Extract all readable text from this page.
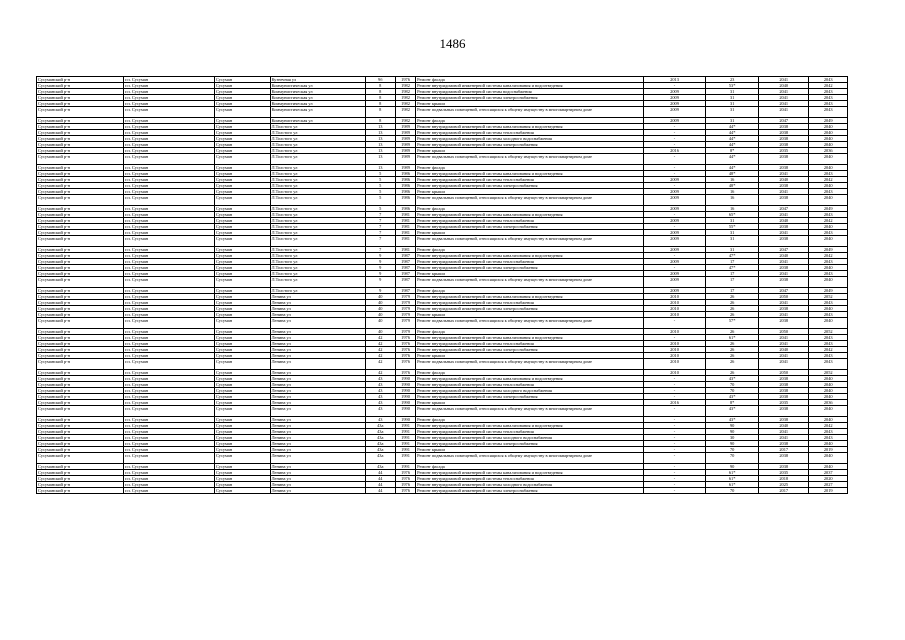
1486
Сусуманский р-н	г.п. Сусуман	Сусуман	Кузнечная ул	9б	1976	Ремонт фасада	2013	23	2041	2043
Сусуманский р-н	г.п. Сусуман	Сусуман	Коммунистическая ул	8	1982	Ремонт внутридомовой инженерной системы канализования и водоотведения	-	53*	2040	2042
Сусуманский р-н	г.п. Сусуман	Сусуман	Коммунистическая ул	8	1982	Ремонт внутридомовой инженерной системы водоснабжения	2009	31	2041	2043
Сусуманский р-н	г.п. Сусуман	Сусуман	Коммунистическая ул	8	1982	Ремонт внутридомовой инженерной системы электроснабжения	2009	31	2041	2043
Сусуманский р-н	г.п. Сусуман	Сусуман	Коммунистическая ул	8	1982	Ремонт крыши	2009	31	2041	2043
Сусуманский р-н	г.п. Сусуман	Сусуман	Коммунистическая ул	8	1982	Ремонт подвальных помещений, относящихся к общему имуществу в многоквартирном доме	2009	31	2041	2043
Сусуманский р-н	г.п. Сусуман	Сусуман	Коммунистическая ул	8	1982	Ремонт фасада	2009	31	2047	2049
Сусуманский р-н	г.п. Сусуман	Сусуман	Л.Толстого ул	13	1989	Ремонт внутридомовой инженерной системы канализования и водоотведения	-	44*	2038	2040
Сусуманский р-н	г.п. Сусуман	Сусуман	Л.Толстого ул	13	1989	Ремонт внутридомовой инженерной системы теплоснабжения	-	44*	2038	2040
Сусуманский р-н	г.п. Сусуман	Сусуман	Л.Толстого ул	13	1989	Ремонт внутридомовой инженерной системы холодного водоснабжения	-	44*	2038	2040
Сусуманский р-н	г.п. Сусуман	Сусуман	Л.Толстого ул	13	1989	Ремонт внутридомовой инженерной системы электроснабжения	-	44*	2038	2040
Сусуманский р-н	г.п. Сусуман	Сусуман	Л.Толстого ул	13	1989	Ремонт крыши	2016	8*	2035	2036
Сусуманский р-н	г.п. Сусуман	Сусуман	Л.Толстого ул	13	1989	Ремонт подвальных помещений, относящихся к общему имуществу в многоквартирном доме	-	44*	2038	2040
Сусуманский р-н	г.п. Сусуман	Сусуман	Л.Толстого ул	13	1989	Ремонт фасада	-	44*	2038	2040
Сусуманский р-н	г.п. Сусуман	Сусуман	Л.Толстого ул	5	1986	Ремонт внутридомовой инженерной системы канализования и водоотведения	-	48*	2041	2043
Сусуманский р-н	г.п. Сусуман	Сусуман	Л.Толстого ул	5	1986	Ремонт внутридомовой инженерной системы теплоснабжения	2009	16	2040	2042
Сусуманский р-н	г.п. Сусуман	Сусуман	Л.Толстого ул	5	1986	Ремонт внутридомовой инженерной системы электроснабжения	-	48*	2038	2040
Сусуманский р-н	г.п. Сусуман	Сусуман	Л.Толстого ул	5	1986	Ремонт крыши	2009	16	2041	2043
Сусуманский р-н	г.п. Сусуман	Сусуман	Л.Толстого ул	5	1986	Ремонт подвальных помещений, относящихся к общему имуществу в многоквартирном доме	2009	16	2038	2040
Сусуманский р-н	г.п. Сусуман	Сусуман	Л.Толстого ул	5	1986	Ремонт фасада	2009	16	2047	2049
Сусуманский р-н	г.п. Сусуман	Сусуман	Л.Толстого ул	7	1981	Ремонт внутридомовой инженерной системы канализования и водоотведения	-	65*	2041	2043
Сусуманский р-н	г.п. Сусуман	Сусуман	Л.Толстого ул	7	1981	Ремонт внутридомовой инженерной системы теплоснабжения	2009	31	2040	2042
Сусуманский р-н	г.п. Сусуман	Сусуман	Л.Толстого ул	7	1981	Ремонт внутридомовой инженерной системы электроснабжения	-	55*	2038	2040
Сусуманский р-н	г.п. Сусуман	Сусуман	Л.Толстого ул	7	1981	Ремонт крыши	2009	31	2041	2043
Сусуманский р-н	г.п. Сусуман	Сусуман	Л.Толстого ул	7	1981	Ремонт подвальных помещений, относящихся к общему имуществу в многоквартирном доме	2009	31	2038	2040
Сусуманский р-н	г.п. Сусуман	Сусуман	Л.Толстого ул	7	1981	Ремонт фасада	2009	31	2047	2049
Сусуманский р-н	г.п. Сусуман	Сусуман	Л.Толстого ул	9	1987	Ремонт внутридомовой инженерной системы канализования и водоотведения	-	47*	2040	2042
Сусуманский р-н	г.п. Сусуман	Сусуман	Л.Толстого ул	9	1987	Ремонт внутридомовой инженерной системы теплоснабжения	2009	17	2041	2043
Сусуманский р-н	г.п. Сусуман	Сусуман	Л.Толстого ул	9	1987	Ремонт внутридомовой инженерной системы электроснабжения	-	47*	2038	2040
Сусуманский р-н	г.п. Сусуман	Сусуман	Л.Толстого ул	9	1987	Ремонт крыши	2009	17	2041	2043
Сусуманский р-н	г.п. Сусуман	Сусуман	Л.Толстого ул	9	1987	Ремонт подвальных помещений, относящихся к общему имуществу в многоквартирном доме	2009	17	2038	2040
Сусуманский р-н	г.п. Сусуман	Сусуман	Л.Толстого ул	9	1987	Ремонт фасада	2009	17	2047	2049
Сусуманский р-н	г.п. Сусуман	Сусуман	Ленина ул	40	1979	Ремонт внутридомовой инженерной системы канализования и водоотведения	2010	26	2050	2052
Сусуманский р-н	г.п. Сусуман	Сусуман	Ленина ул	40	1979	Ремонт внутридомовой инженерной системы теплоснабжения	2010	26	2041	2043
Сусуманский р-н	г.п. Сусуман	Сусуман	Ленина ул	40	1979	Ремонт внутридомовой инженерной системы электроснабжения	2010	26	2038	2040
Сусуманский р-н	г.п. Сусуман	Сусуман	Ленина ул	40	1979	Ремонт крыши	2010	26	2041	2043
Сусуманский р-н	г.п. Сусуман	Сусуман	Ленина ул	40	1979	Ремонт подвальных помещений, относящихся к общему имуществу в многоквартирном доме	-	57*	2038	2040
Сусуманский р-н	г.п. Сусуман	Сусуман	Ленина ул	40	1979	Ремонт фасада	2010	26	2050	2052
Сусуманский р-н	г.п. Сусуман	Сусуман	Ленина ул	42	1976	Ремонт внутридомовой инженерной системы канализования и водоотведения	-	61*	2041	2043
Сусуманский р-н	г.п. Сусуман	Сусуман	Ленина ул	42	1976	Ремонт внутридомовой инженерной системы теплоснабжения	2010	26	2041	2043
Сусуманский р-н	г.п. Сусуман	Сусуман	Ленина ул	42	1976	Ремонт внутридомовой инженерной системы электроснабжения	2010	26	2040	2042
Сусуманский р-н	г.п. Сусуман	Сусуман	Ленина ул	42	1976	Ремонт крыши	2010	26	2041	2043
Сусуманский р-н	г.п. Сусуман	Сусуман	Ленина ул	42	1976	Ремонт подвальных помещений, относящихся к общему имуществу в многоквартирном доме	2010	26	2041	2043
Сусуманский р-н	г.п. Сусуман	Сусуман	Ленина ул	42	1976	Ремонт фасада	2010	26	2050	2052
Сусуманский р-н	г.п. Сусуман	Сусуман	Ленина ул	43	1990	Ремонт внутридомовой инженерной системы канализования и водоотведения	-	43*	2038	2040
Сусуманский р-н	г.п. Сусуман	Сусуман	Ленина ул	43	1990	Ремонт внутридомовой инженерной системы теплоснабжения	-	70	2038	2040
Сусуманский р-н	г.п. Сусуман	Сусуман	Ленина ул	43	1990	Ремонт внутридомовой инженерной системы холодного водоснабжения	-	70	2038	2040
Сусуманский р-н	г.п. Сусуман	Сусуман	Ленина ул	43	1990	Ремонт внутридомовой инженерной системы электроснабжения	-	43*	2038	2040
Сусуманский р-н	г.п. Сусуман	Сусуман	Ленина ул	43	1990	Ремонт крыши	2016	8*	2035	2036
Сусуманский р-н	г.п. Сусуман	Сусуман	Ленина ул	43	1990	Ремонт подвальных помещений, относящихся к общему имуществу в многоквартирном доме	-	43*	2038	2040
Сусуманский р-н	г.п. Сусуман	Сусуман	Ленина ул	43	1990	Ремонт фасада	-	43*	2038	2040
Сусуманский р-н	г.п. Сусуман	Сусуман	Ленина ул	43а	1991	Ремонт внутридомовой инженерной системы канализования и водоотведения	-	90	2040	2042
Сусуманский р-н	г.п. Сусуман	Сусуман	Ленина ул	43а	1991	Ремонт внутридомовой инженерной системы теплоснабжения	-	90	2041	2043
Сусуманский р-н	г.п. Сусуман	Сусуман	Ленина ул	43а	1991	Ремонт внутридомовой инженерной системы холодного водоснабжения	-	30	2041	2043
Сусуманский р-н	г.п. Сусуман	Сусуман	Ленина ул	43а	1991	Ремонт внутридомовой инженерной системы электроснабжения	-	90	2038	2040
Сусуманский р-н	г.п. Сусуман	Сусуман	Ленина ул	43а	1991	Ремонт крыши	-	70	2017	2019
Сусуманский р-н	г.п. Сусуман	Сусуман	Ленина ул	43а	1991	Ремонт подвальных помещений, относящихся к общему имуществу в многоквартирном доме	-	70	2038	2040
Сусуманский р-н	г.п. Сусуман	Сусуман	Ленина ул	43а	1991	Ремонт фасада	-	90	2038	2040
Сусуманский р-н	г.п. Сусуман	Сусуман	Ленина ул	44	1976	Ремонт внутридомовой инженерной системы канализования и водоотведения	-	61*	2035	2037
Сусуманский р-н	г.п. Сусуман	Сусуман	Ленина ул	44	1976	Ремонт внутридомовой инженерной системы теплоснабжения	-	61*	2018	2020
Сусуманский р-н	г.п. Сусуман	Сусуман	Ленина ул	44	1976	Ремонт внутридомовой инженерной системы холодного водоснабжения	-	61*	2025	2027
Сусуманский р-н	г.п. Сусуман	Сусуман	Ленина ул	44	1976	Ремонт внутридомовой инженерной системы электроснабжения	-	70	2017	2019
